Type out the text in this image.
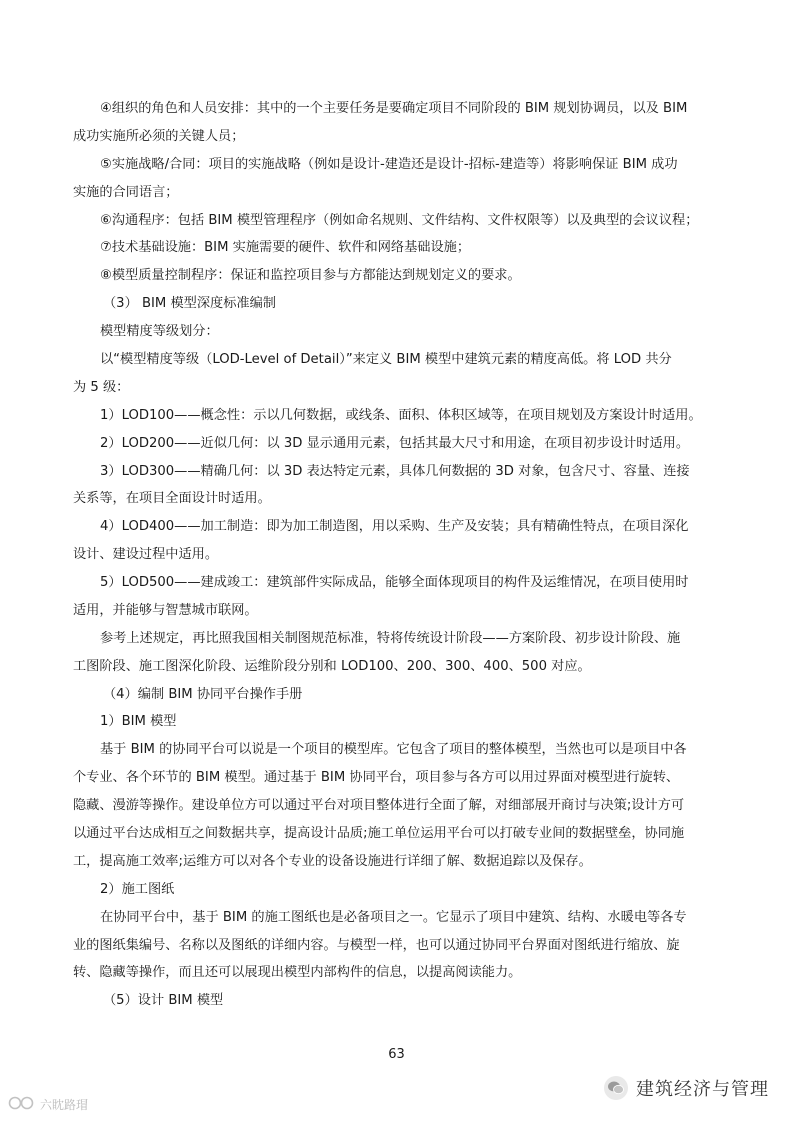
④组织的角色和人员安排：其中的一个主要任务是要确定项目不同阶段的 BIM 规划协调员，以及 BIM
成功实施所必须的关键人员；
⑤实施战略/合同：项目的实施战略（例如是设计-建造还是设计-招标-建造等）将影响保证 BIM 成功
实施的合同语言；
⑥沟通程序：包括 BIM 模型管理程序（例如命名规则、文件结构、文件权限等）以及典型的会议议程；
⑦技术基础设施：BIM 实施需要的硬件、软件和网络基础设施；
⑧模型质量控制程序：保证和监控项目参与方都能达到规划定义的要求。
（3） BIM 模型深度标准编制
模型精度等级划分：
以“模型精度等级（LOD-Level of Detail）”来定义 BIM 模型中建筑元素的精度高低。将 LOD 共分
为 5 级：
1）LOD100——概念性：示以几何数据，或线条、面积、体积区域等，在项目规划及方案设计时适用。
2）LOD200——近似几何：以 3D 显示通用元素，包括其最大尺寸和用途，在项目初步设计时适用。
3）LOD300——精确几何：以 3D 表达特定元素，具体几何数据的 3D 对象，包含尺寸、容量、连接
关系等，在项目全面设计时适用。
4）LOD400——加工制造：即为加工制造图，用以采购、生产及安装；具有精确性特点，在项目深化
设计、建设过程中适用。
5）LOD500——建成竣工：建筑部件实际成品，能够全面体现项目的构件及运维情况，在项目使用时
适用，并能够与智慧城市联网。
参考上述规定，再比照我国相关制图规范标准，特将传统设计阶段——方案阶段、初步设计阶段、施
工图阶段、施工图深化阶段、运维阶段分别和 LOD100、200、300、400、500 对应。
（4）编制 BIM 协同平台操作手册
1）BIM 模型
基于 BIM 的协同平台可以说是一个项目的模型库。它包含了项目的整体模型，当然也可以是项目中各
个专业、各个环节的 BIM 模型。通过基于 BIM 协同平台，项目参与各方可以用过界面对模型进行旋转、
隐藏、漫游等操作。建设单位方可以通过平台对项目整体进行全面了解，对细部展开商讨与决策;设计方可
以通过平台达成相互之间数据共享，提高设计品质;施工单位运用平台可以打破专业间的数据壁垒，协同施
工，提高施工效率;运维方可以对各个专业的设备设施进行详细了解、数据追踪以及保存。
2）施工图纸
在协同平台中，基于 BIM 的施工图纸也是必备项目之一。它显示了项目中建筑、结构、水暖电等各专
业的图纸集编号、名称以及图纸的详细内容。与模型一样，也可以通过协同平台界面对图纸进行缩放、旋
转、隐藏等操作，而且还可以展现出模型内部构件的信息，以提高阅读能力。
（5）设计 BIM 模型
63
建筑经济与管理
六眈路瑁
